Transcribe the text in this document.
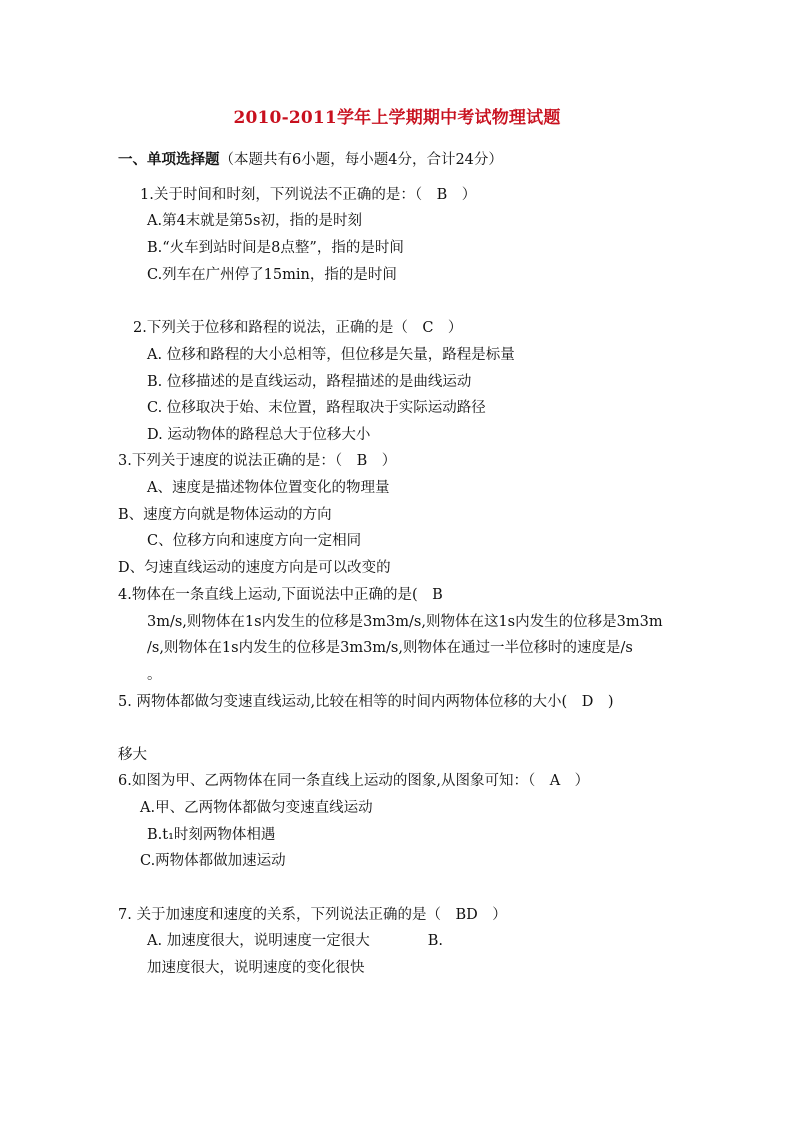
2010-2011学年上学期期中考试物理试题
一、单项选择题（本题共有6小题，每小题4分，合计24分）
1.关于时间和时刻，下列说法不正确的是：（　B　）
A.第4末就是第5s初，指的是时刻
B.“火车到站时间是8点整”，指的是时间
C.列车在广州停了15min，指的是时间
2.下列关于位移和路程的说法，正确的是（　C　）
A. 位移和路程的大小总相等，但位移是矢量，路程是标量
B. 位移描述的是直线运动，路程描述的是曲线运动
C. 位移取决于始、末位置，路程取决于实际运动路径
D. 运动物体的路程总大于位移大小
3.下列关于速度的说法正确的是：（　B　）
A、速度是描述物体位置变化的物理量
B、速度方向就是物体运动的方向
C、位移方向和速度方向一定相同
D、匀速直线运动的速度方向是可以改变的
4.物体在一条直线上运动,下面说法中正确的是(　B
3m/s,则物体在1s内发生的位移是3m3m/s,则物体在这1s内发生的位移是3m3m
/s,则物体在1s内发生的位移是3m3m/s,则物体在通过一半位移时的速度是/s
。
5. 两物体都做匀变速直线运动,比较在相等的时间内两物体位移的大小(　D　)
移大
6.如图为甲、乙两物体在同一条直线上运动的图象,从图象可知：（　A　）
A.甲、乙两物体都做匀变速直线运动
B.t₁时刻两物体相遇
C.两物体都做加速运动
7. 关于加速度和速度的关系，下列说法正确的是（　BD　）
A. 加速度很大，说明速度一定很大　　　　B.
加速度很大，说明速度的变化很快
